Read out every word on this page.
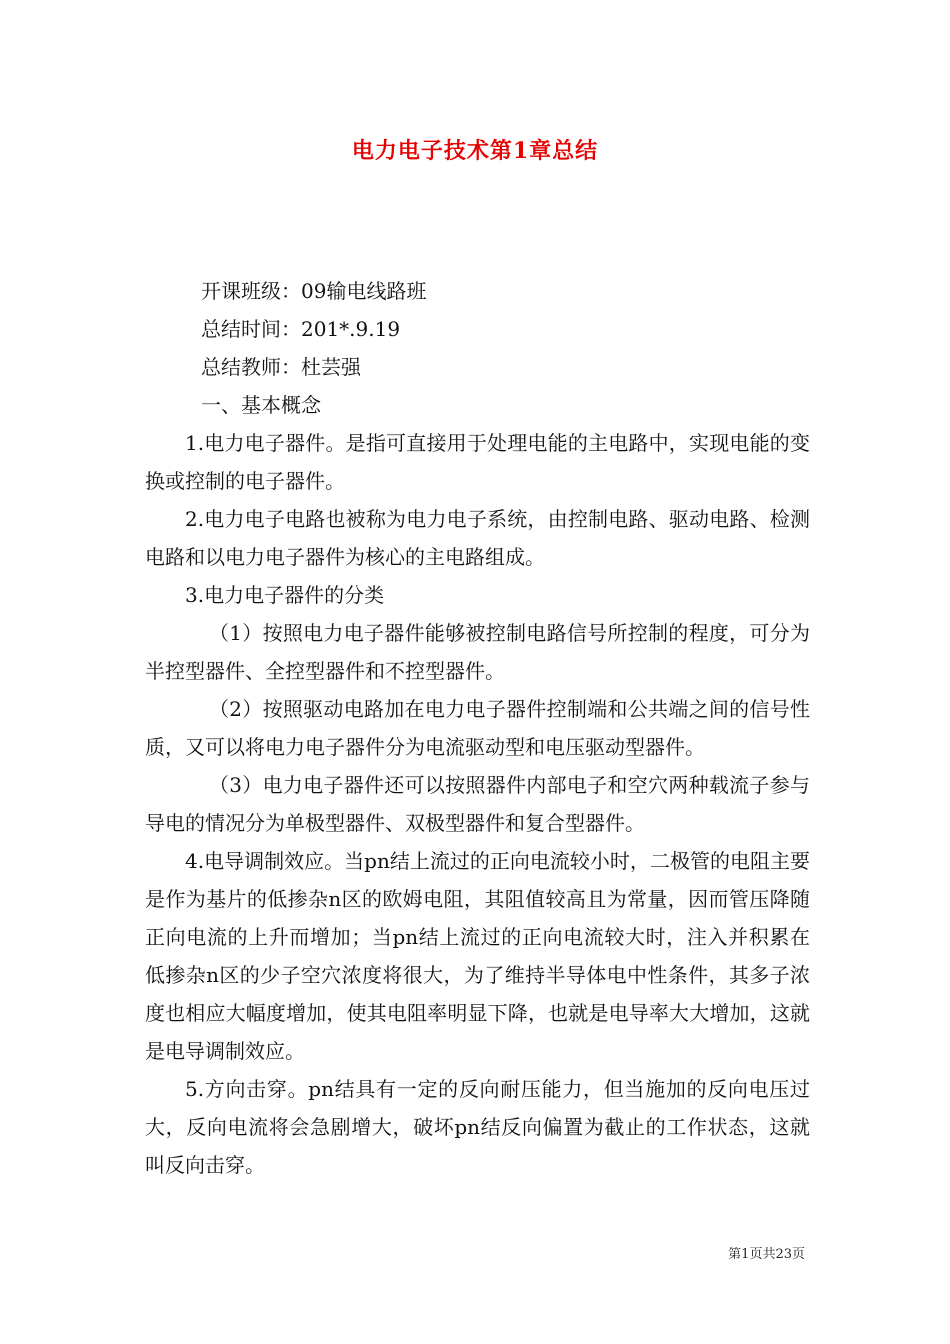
电力电子技术第1章总结

开课班级：09输电线路班

总结时间：201*.9.19

总结教师：杜芸强

一、基本概念

1.电力电子器件。是指可直接用于处理电能的主电路中，实现电能的变换或控制的电子器件。

2.电力电子电路也被称为电力电子系统，由控制电路、驱动电路、检测电路和以电力电子器件为核心的主电路组成。

3.电力电子器件的分类

（1）按照电力电子器件能够被控制电路信号所控制的程度，可分为半控型器件、全控型器件和不控型器件。

（2）按照驱动电路加在电力电子器件控制端和公共端之间的信号性质，又可以将电力电子器件分为电流驱动型和电压驱动型器件。

（3）电力电子器件还可以按照器件内部电子和空穴两种载流子参与导电的情况分为单极型器件、双极型器件和复合型器件。

4.电导调制效应。当pn结上流过的正向电流较小时，二极管的电阻主要是作为基片的低掺杂n区的欧姆电阻，其阻值较高且为常量，因而管压降随正向电流的上升而增加；当pn结上流过的正向电流较大时，注入并积累在低掺杂n区的少子空穴浓度将很大，为了维持半导体电中性条件，其多子浓度也相应大幅度增加，使其电阻率明显下降，也就是电导率大大增加，这就是电导调制效应。

5.方向击穿。pn结具有一定的反向耐压能力，但当施加的反向电压过大，反向电流将会急剧增大，破坏pn结反向偏置为截止的工作状态，这就叫反向击穿。

第1页共23页
